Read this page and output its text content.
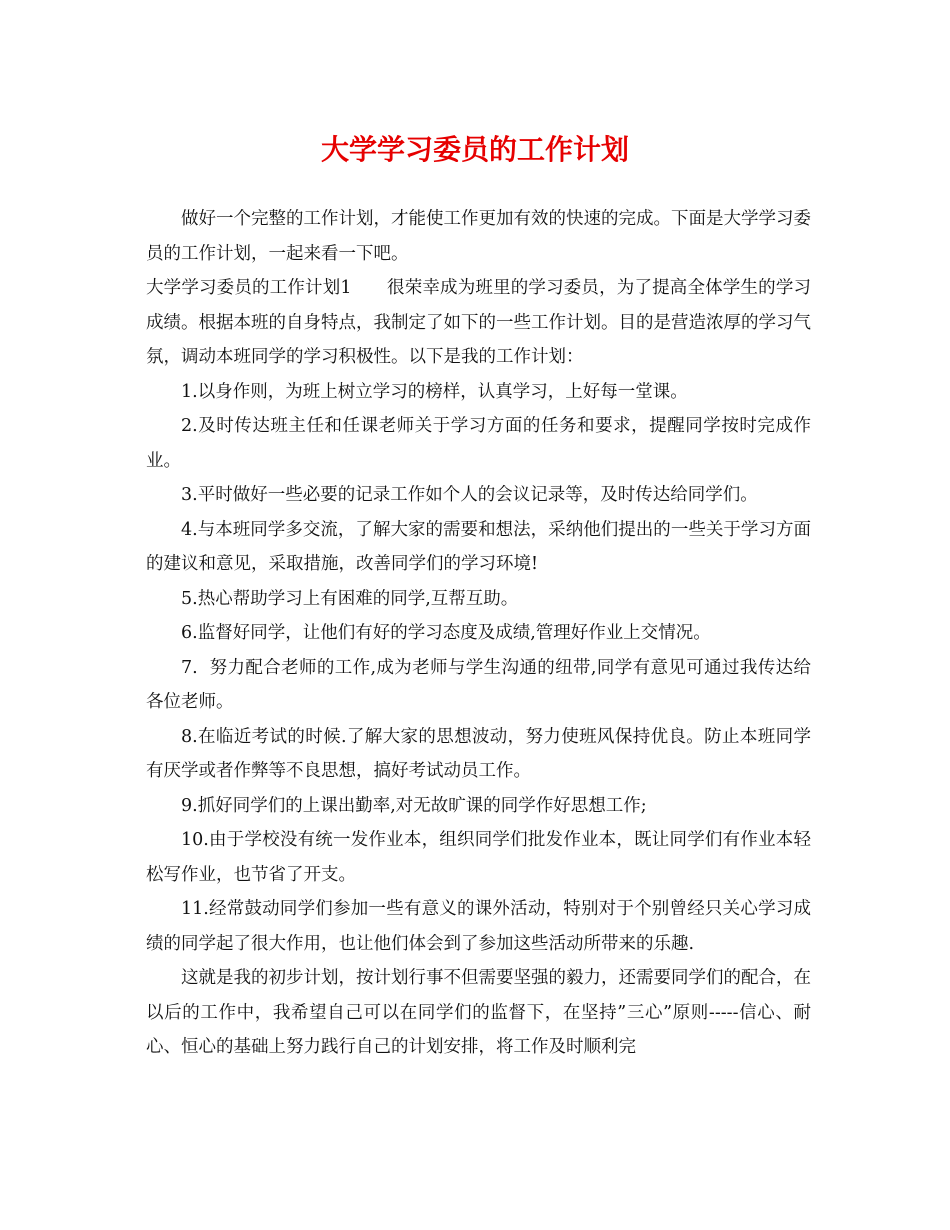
大学学习委员的工作计划

做好一个完整的工作计划，才能使工作更加有效的快速的完成。下面是大学学习委员的工作计划，一起来看一下吧。

大学学习委员的工作计划1　　很荣幸成为班里的学习委员，为了提高全体学生的学习成绩。根据本班的自身特点，我制定了如下的一些工作计划。目的是营造浓厚的学习气氛，调动本班同学的学习积极性。以下是我的工作计划：

1.以身作则，为班上树立学习的榜样，认真学习，上好每一堂课。

2.及时传达班主任和任课老师关于学习方面的任务和要求，提醒同学按时完成作业。

3.平时做好一些必要的记录工作如个人的会议记录等，及时传达给同学们。

4.与本班同学多交流，了解大家的需要和想法，采纳他们提出的一些关于学习方面的建议和意见，采取措施，改善同学们的学习环境!

5.热心帮助学习上有困难的同学,互帮互助。

6.监督好同学，让他们有好的学习态度及成绩,管理好作业上交情况。

7.  努力配合老师的工作,成为老师与学生沟通的纽带,同学有意见可通过我传达给各位老师。

8.在临近考试的时候.了解大家的思想波动，努力使班风保持优良。防止本班同学有厌学或者作弊等不良思想，搞好考试动员工作。

9.抓好同学们的上课出勤率,对无故旷课的同学作好思想工作;

10.由于学校没有统一发作业本，组织同学们批发作业本，既让同学们有作业本轻松写作业，也节省了开支。

11.经常鼓动同学们参加一些有意义的课外活动，特别对于个别曾经只关心学习成绩的同学起了很大作用，也让他们体会到了参加这些活动所带来的乐趣.

这就是我的初步计划，按计划行事不但需要坚强的毅力，还需要同学们的配合，在以后的工作中，我希望自己可以在同学们的监督下，在坚持”三心”原则-----信心、耐心、恒心的基础上努力践行自己的计划安排，将工作及时顺利完
